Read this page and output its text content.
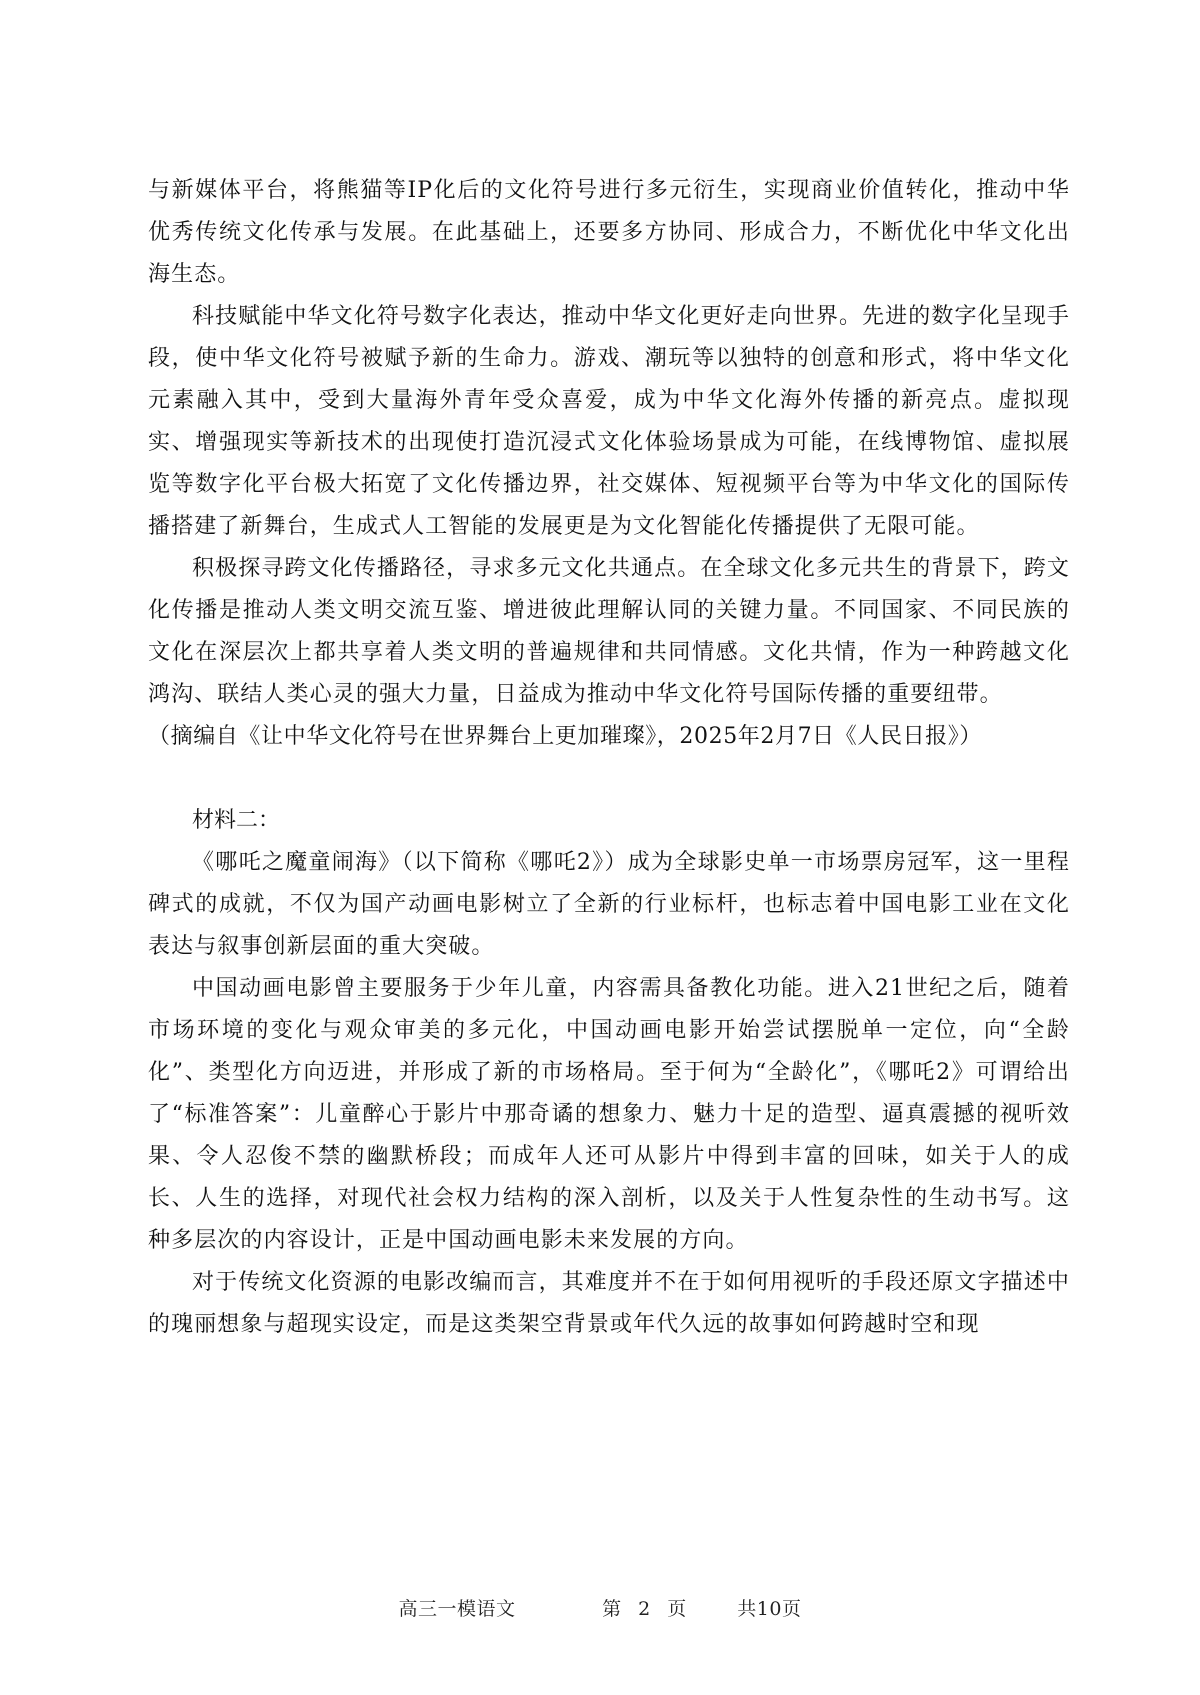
与新媒体平台，将熊猫等IP化后的文化符号进行多元衍生，实现商业价值转化，推动中华优秀传统文化传承与发展。在此基础上，还要多方协同、形成合力，不断优化中华文化出海生态。

科技赋能中华文化符号数字化表达，推动中华文化更好走向世界。先进的数字化呈现手段，使中华文化符号被赋予新的生命力。游戏、潮玩等以独特的创意和形式，将中华文化元素融入其中，受到大量海外青年受众喜爱，成为中华文化海外传播的新亮点。虚拟现实、增强现实等新技术的出现使打造沉浸式文化体验场景成为可能，在线博物馆、虚拟展览等数字化平台极大拓宽了文化传播边界，社交媒体、短视频平台等为中华文化的国际传播搭建了新舞台，生成式人工智能的发展更是为文化智能化传播提供了无限可能。

积极探寻跨文化传播路径，寻求多元文化共通点。在全球文化多元共生的背景下，跨文化传播是推动人类文明交流互鉴、增进彼此理解认同的关键力量。不同国家、不同民族的文化在深层次上都共享着人类文明的普遍规律和共同情感。文化共情，作为一种跨越文化鸿沟、联结人类心灵的强大力量，日益成为推动中华文化符号国际传播的重要纽带。

（摘编自《让中华文化符号在世界舞台上更加璀璨》，2025年2月7日《人民日报》）

材料二：

《哪吒之魔童闹海》（以下简称《哪吒2》）成为全球影史单一市场票房冠军，这一里程碑式的成就，不仅为国产动画电影树立了全新的行业标杆，也标志着中国电影工业在文化表达与叙事创新层面的重大突破。

中国动画电影曾主要服务于少年儿童，内容需具备教化功能。进入21世纪之后，随着市场环境的变化与观众审美的多元化，中国动画电影开始尝试摆脱单一定位，向“全龄化”、类型化方向迈进，并形成了新的市场格局。至于何为“全龄化”，《哪吒2》可谓给出了“标准答案”：儿童醉心于影片中那奇谲的想象力、魅力十足的造型、逼真震撼的视听效果、令人忍俊不禁的幽默桥段；而成年人还可从影片中得到丰富的回味，如关于人的成长、人生的选择，对现代社会权力结构的深入剖析，以及关于人性复杂性的生动书写。这种多层次的内容设计，正是中国动画电影未来发展的方向。

对于传统文化资源的电影改编而言，其难度并不在于如何用视听的手段还原文字描述中的瑰丽想象与超现实设定，而是这类架空背景或年代久远的故事如何跨越时空和现

高三一模语文	第 2 页	共10页
